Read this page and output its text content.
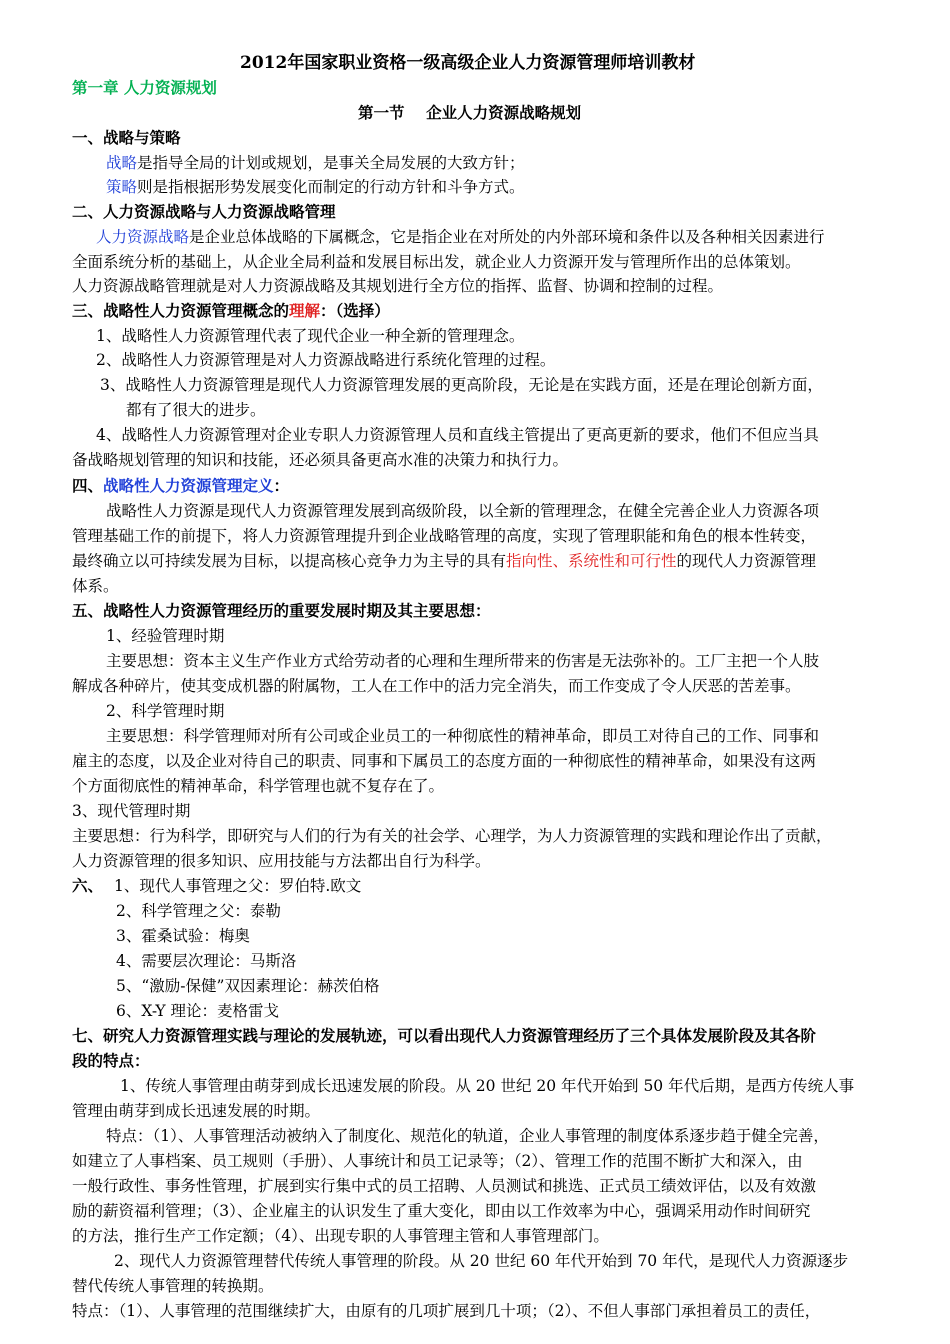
2012年国家职业资格一级高级企业人力资源管理师培训教材
第一章 人力资源规划
第一节    企业人力资源战略规划
一、战略与策略
战略是指导全局的计划或规划，是事关全局发展的大致方针；
策略则是指根据形势发展变化而制定的行动方针和斗争方式。
二、人力资源战略与人力资源战略管理
人力资源战略是企业总体战略的下属概念，它是指企业在对所处的内外部环境和条件以及各种相关因素进行
全面系统分析的基础上，从企业全局利益和发展目标出发，就企业人力资源开发与管理所作出的总体策划。
人力资源战略管理就是对人力资源战略及其规划进行全方位的指挥、监督、协调和控制的过程。
三、战略性人力资源管理概念的理解：（选择）
1、战略性人力资源管理代表了现代企业一种全新的管理理念。
2、战略性人力资源管理是对人力资源战略进行系统化管理的过程。
3、战略性人力资源管理是现代人力资源管理发展的更高阶段，无论是在实践方面，还是在理论创新方面，
都有了很大的进步。
4、战略性人力资源管理对企业专职人力资源管理人员和直线主管提出了更高更新的要求，他们不但应当具
备战略规划管理的知识和技能，还必须具备更高水准的决策力和执行力。
四、战略性人力资源管理定义：
战略性人力资源是现代人力资源管理发展到高级阶段，以全新的管理理念，在健全完善企业人力资源各项
管理基础工作的前提下，将人力资源管理提升到企业战略管理的高度，实现了管理职能和角色的根本性转变，
最终确立以可持续发展为目标，以提高核心竞争力为主导的具有指向性、系统性和可行性的现代人力资源管理
体系。
五、战略性人力资源管理经历的重要发展时期及其主要思想：
1、经验管理时期
主要思想：资本主义生产作业方式给劳动者的心理和生理所带来的伤害是无法弥补的。工厂主把一个人肢
解成各种碎片，使其变成机器的附属物，工人在工作中的活力完全消失，而工作变成了令人厌恶的苦差事。
2、科学管理时期
主要思想：科学管理师对所有公司或企业员工的一种彻底性的精神革命，即员工对待自己的工作、同事和
雇主的态度，以及企业对待自己的职责、同事和下属员工的态度方面的一种彻底性的精神革命，如果没有这两
个方面彻底性的精神革命，科学管理也就不复存在了。
3、现代管理时期
主要思想：行为科学，即研究与人们的行为有关的社会学、心理学，为人力资源管理的实践和理论作出了贡献，
人力资源管理的很多知识、应用技能与方法都出自行为科学。
六、 1、现代人事管理之父：罗伯特.欧文
2、科学管理之父：泰勒
3、霍桑试验：梅奥
4、需要层次理论：马斯洛
5、“激励-保健”双因素理论：赫茨伯格
6、X-Y 理论：麦格雷戈
七、研究人力资源管理实践与理论的发展轨迹，可以看出现代人力资源管理经历了三个具体发展阶段及其各阶
段的特点：
1、传统人事管理由萌芽到成长迅速发展的阶段。从 20 世纪 20 年代开始到 50 年代后期，是西方传统人事
管理由萌芽到成长迅速发展的时期。
特点：（1）、人事管理活动被纳入了制度化、规范化的轨道，企业人事管理的制度体系逐步趋于健全完善，
如建立了人事档案、员工规则（手册）、人事统计和员工记录等；（2）、管理工作的范围不断扩大和深入，由
一般行政性、事务性管理，扩展到实行集中式的员工招聘、人员测试和挑选、正式员工绩效评估，以及有效激
励的薪资福利管理；（3）、企业雇主的认识发生了重大变化，即由以工作效率为中心，强调采用动作时间研究
的方法，推行生产工作定额；（4）、出现专职的人事管理主管和人事管理部门。
2、现代人力资源管理替代传统人事管理的阶段。从 20 世纪 60 年代开始到 70 年代，是现代人力资源逐步
替代传统人事管理的转换期。
特点：（1）、人事管理的范围继续扩大，由原有的几项扩展到几十项；（2）、不但人事部门承担着员工的责任，
